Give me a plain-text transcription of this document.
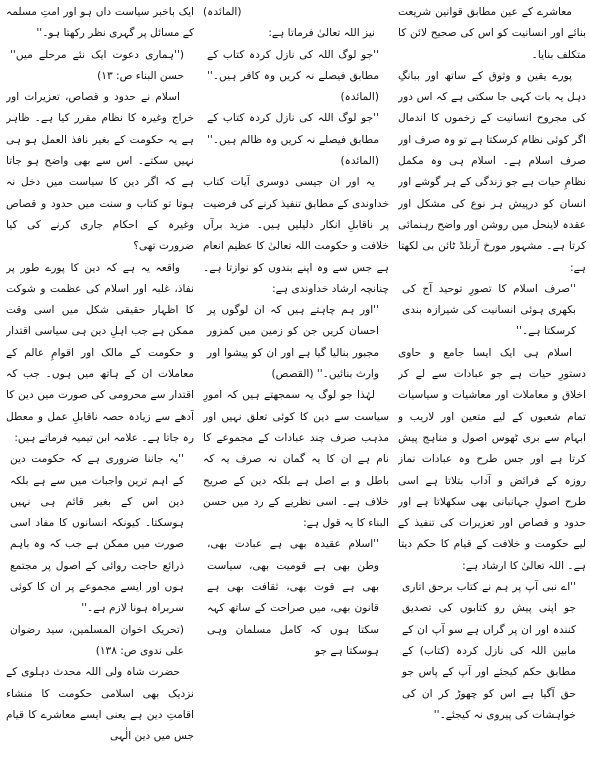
معاشرے کے عین مطابق قوانین شریعت بنائے اور انسانیت کو اس کی صحیح لائن کا متکلف بنایا۔

پورے یقین و وثوق کے ساتھ اور ببانگِ دہل یہ بات کہی جا سکتی ہے کہ اس دور کی مجروح انسانیت کے زخموں کا اندمال اگر کوئی نظام کرسکتا ہے تو وہ صرف اور صرف اسلام ہے۔ اسلام ہی وہ مکمل نظامِ حیات ہے جو زندگی کے ہر گوشے اور انسان کو درپیش ہر نوع کی مشکل اور عقدہ لاینحل میں روشن اور واضح رہنمائی کرتا ہے۔ مشہور مورخ آرنلڈ ٹائن بی لکھتا ہے:

''صرف اسلام کا تصورِ توحید آج کی بکھری ہوئی انسانیت کی شیرازہ بندی کرسکتا ہے۔''

اسلام ہی ایک ایسا جامع و حاوی دستورِ حیات ہے جو عبادات سے لے کر اخلاق و معاملات اور معاشیات و سیاسیات تمام شعبوں کے لیے متعین اور لاریب و ابہام سے بری ٹھوس اصول و مناہج پیش کرتا ہے اور جس طرح وہ عبادات نماز روزہ کے فرائض و آداب بتلاتا ہے اسی طرح اصولِ جہانبانی بھی سکھلاتا ہے اور حدود و قصاص اور تعزیرات کی تنفیذ کے لیے حکومت و خلافت کے قیام کا حکم دیتا ہے۔ اللہ تعالیٰ کا ارشاد ہے:

''اے نبی آپ پر ہم نے کتاب برحق اتاری جو اپنی پیش رو کتابوں کی تصدیق کنندہ اور ان پر گراں ہے سو آپ ان کے مابین اللہ کی نازل کردہ (کتاب) کے مطابق حکم کیجئے اور آپ کے پاس جو حق آگیا ہے اس کو چھوڑ کر ان کی خواہشات کی پیروی نہ کیجئے۔''

(المائدہ)

نیز اللہ تعالیٰ فرماتا ہے:

''جو لوگ اللہ کی نازل کردہ کتاب کے مطابق فیصلے نہ کریں وہ کافر ہیں۔'' (المائدہ)

''جو لوگ اللہ کی نازل کردہ کتاب کے مطابق فیصلے نہ کریں وہ ظالم ہیں۔'' (المائدہ)

یہ اور ان جیسی دوسری آیات کتاب خداوندی کے مطابق تنفیذ کرنے کی فرضیت پر ناقابلِ انکار دلیلیں ہیں۔ مزید برآں خلافت و حکومت اللہ تعالیٰ کا عظیم انعام ہے جس سے وہ اپنے بندوں کو نوازتا ہے۔ چنانچہ ارشاد خداوندی ہے:

''اور ہم چاہتے ہیں کہ ان لوگوں پر احسان کریں جن کو زمین میں کمزور مجبور بنالیا گیا ہے اور ان کو پیشوا اور وارث بنائیں۔'' (القصص)

لہٰذا جو لوگ یہ سمجھتے ہیں کہ امورِ سیاست سے دین کا کوئی تعلق نہیں اور مذہب صرف چند عبادات کے مجموعے کا نام ہے ان کا یہ گمان نہ صرف یہ کہ باطل و بے اصل ہے بلکہ دین کے صریح خلاف ہے۔ اسی نظریے کے رد میں حسن البناء کا یہ قول ہے:

''اسلام عقیدہ بھی ہے عبادت بھی، وطن بھی ہے قومیت بھی، سیاست بھی ہے قوت بھی، ثقافت بھی ہے قانون بھی، میں صراحت کے ساتھ کہہ سکتا ہوں کہ کامل مسلمان وہی ہوسکتا ہے جو

ایک باخبر سیاست داں ہو اور امتِ مسلمہ کے مسائل پر گہری نظر رکھتا ہو۔''

(''ہماری دعوت ایک نئے مرحلے میں'' حسن البناء ص: ۱۳)

اسلام نے حدود و قصاص، تعزیرات اور خراج وغیرہ کا نظام مقرر کیا ہے۔ ظاہر ہے یہ حکومت کے بغیر نافذ العمل ہو ہی نہیں سکتے۔ اس سے بھی واضح ہو جاتا ہے کہ اگر دین کا سیاست میں دخل نہ ہوتا تو کتاب و سنت میں حدود و قصاص وغیرہ کے احکام جاری کرنے کی کیا ضرورت تھی؟

واقعہ یہ ہے کہ دین کا پورے طور پر نفاذ، غلبہ اور اسلام کی عظمت و شوکت کا اظہار حقیقی شکل میں اسی وقت ممکن ہے جب اہلِ دین ہی سیاسی اقتدار و حکومت کے مالک اور اقوامِ عالم کے معاملات ان کے ہاتھ میں ہوں۔ جب کہ اقتدار سے محرومی کی صورت میں دین کا آدھے سے زیادہ حصہ ناقابلِ عمل و معطل رہ جاتا ہے۔ علامہ ابن تیمیہ فرماتے ہیں:

''یہ جاننا ضروری ہے کہ حکومت دین کے اہم ترین واجبات میں سے ہے بلکہ دین اس کے بغیر قائم ہی نہیں ہوسکتا۔ کیونکہ انسانوں کا مفاد اسی صورت میں ممکن ہے جب کہ وہ باہم ذرائع حاجت روائی کے اصول پر مجتمع ہوں اور ایسے مجموعے پر ان کا کوئی سربراہ ہونا لازم ہے۔''

(تحریک اخوان المسلمین، سید رضوان علی ندوی ص: ۱۳۸)

حضرت شاہ ولی اللہ محدث دہلوی کے نزدیک بھی اسلامی حکومت کا منشاء اقامتِ دین ہے یعنی ایسے معاشرے کا قیام جس میں دین الٰہی
